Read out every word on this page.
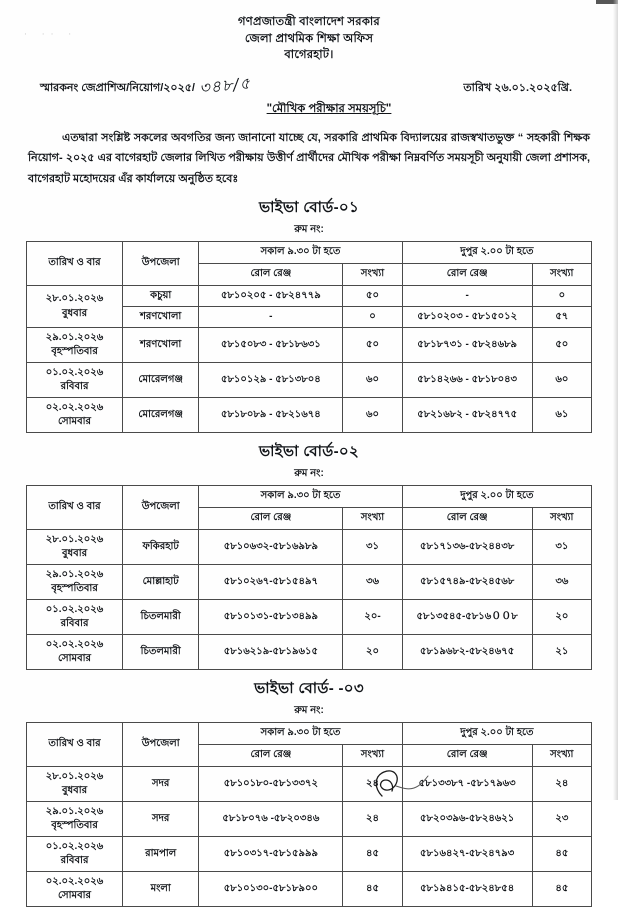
· ·· ·
গণপ্রজাতন্ত্রী বাংলাদেশ সরকার
জেলা প্রাথমিক শিক্ষা অফিস
বাগেরহাট।
স্মারকনং জেপ্রাশিঅ/নিয়োগ/২০২৫/ ৩৪৮/৫	তারিখ ২৬.০১.২০২৫খ্রি.
"মৌখিক পরীক্ষার সময়সূচি"

এতদ্বারা সংশ্লিষ্ট সকলের অবগতির জন্য জানানো যাচ্ছে যে, সরকারি প্রাথমিক বিদ্যালয়ের রাজস্বখাতভুক্ত “ সহকারী শিক্ষক নিয়োগ- ২০২৫ এর বাগেরহাট জেলার লিখিত পরীক্ষায় উত্তীর্ণ প্রার্থীদের মৌখিক পরীক্ষা নিম্নবর্ণিত সময়সূচী অনুযায়ী জেলা প্রশাসক, বাগেরহাট মহোদয়ের এঁর কার্যালয়ে অনুষ্ঠিত হবেঃ

ভাইভা বোর্ড-০১
রুম নং:
তারিখ ও বার	উপজেলা	সকাল ৯.৩০ টা হতে		দুপুর ২.০০ টা হতে	
		রোল রেঞ্জ	সংখ্যা	রোল রেঞ্জ	সংখ্যা
২৮.০১.২০২৬
বুধবার	কচুয়া	৫৮১০২০৫ - ৫৮২৪৭৭৯	৫০	-	০
	শরণখোলা	-	০	৫৮১০২০৩ - ৫৮১৫০১২	৫৭
২৯.০১.২০২৬
বৃহস্পতিবার	শরণখোলা	৫৮১৫০৮৩ - ৫৮১৮৬৩১	৫০	৫৮১৮৭৩১ - ৫৮২৪৬৮৯	৫০
০১.০২.২০২৬
রবিবার	মোরেলগঞ্জ	৫৮১০১২৯ - ৫৮১৩৮০৪	৬০	৫৮১৪২৬৬ - ৫৮১৮০৪৩	৬০
০২.০২.২০২৬
সোমবার	মোরেলগঞ্জ	৫৮১৮০৮৯ - ৫৮২১৬৭৪	৬০	৫৮২১৬৮২ - ৫৮২৪৭৭৫	৬১
ভাইভা বোর্ড-০২
রুম নং:
তারিখ ও বার	উপজেলা	সকাল ৯.৩০ টা হতে		দুপুর ২.০০ টা হতে	
		রোল রেঞ্জ	সংখ্যা	রোল রেঞ্জ	সংখ্যা
২৮.০১.২০২৬
বুধবার	ফকিরহাট	৫৮১০৬৩২-৫৮১৬৯৮৯	৩১	৫৮১৭১৩৬-৫৮২৪৪৩৮	৩১
২৯.০১.২০২৬
বৃহস্পতিবার	মোল্লাহাট	৫৮১০২৬৭-৫৮১৫৪৯৭	৩৬	৫৮১৫৭৪৯-৫৮২৪৫৬৮	৩৬
০১.০২.২০২৬
রবিবার	চিতলমারী	৫৮১০১৩১-৫৮১৩৪৯৯	২০-	৫৮১৩৫৪৫-৫৮১৬００৮	২০
০২.০২.২০২৬
সোমবার	চিতলমারী	৫৮১৬২১৯-৫৮১৯৬১৫	২০	৫৮১৯৬৮২-৫৮২৪৬৭৫	২১
ভাইভা বোর্ড- -০৩
রুম নং:
তারিখ ও বার	উপজেলা	সকাল ৯.৩০ টা হতে		দুপুর ২.০০ টা হতে	
		রোল রেঞ্জ	সংখ্যা	রোল রেঞ্জ	সংখ্যা
২৮.০১.২০২৬
বুধবার	সদর	৫৮১০১৮০-৫৮১৩৩৭২	২৪	৫৮১৩৩৮৭ -৫৮১৭৯৬৩	২৪
২৯.০১.২০২৬
বৃহস্পতিবার	সদর	৫৮১৮০৭৬ -৫৮২০৩৪৬	২৪	৫৮২০৩৯৬-৫৮২৪৬২১	২৩
০১.০২.২০২৬
রবিবার	রামপাল	৫৮১০৩১৭-৫৮১৫৯৯৯	৪৫	৫৮১৬৪২৭-৫৮২৪৭৯৩	৪৫
০২.০২.২০২৬
সোমবার	মংলা	৫৮১০১৩০-৫৮১৮৯০০	৪৫	৫৮১৯৪১৫-৫৮২৪৮৫৪	৪৫
